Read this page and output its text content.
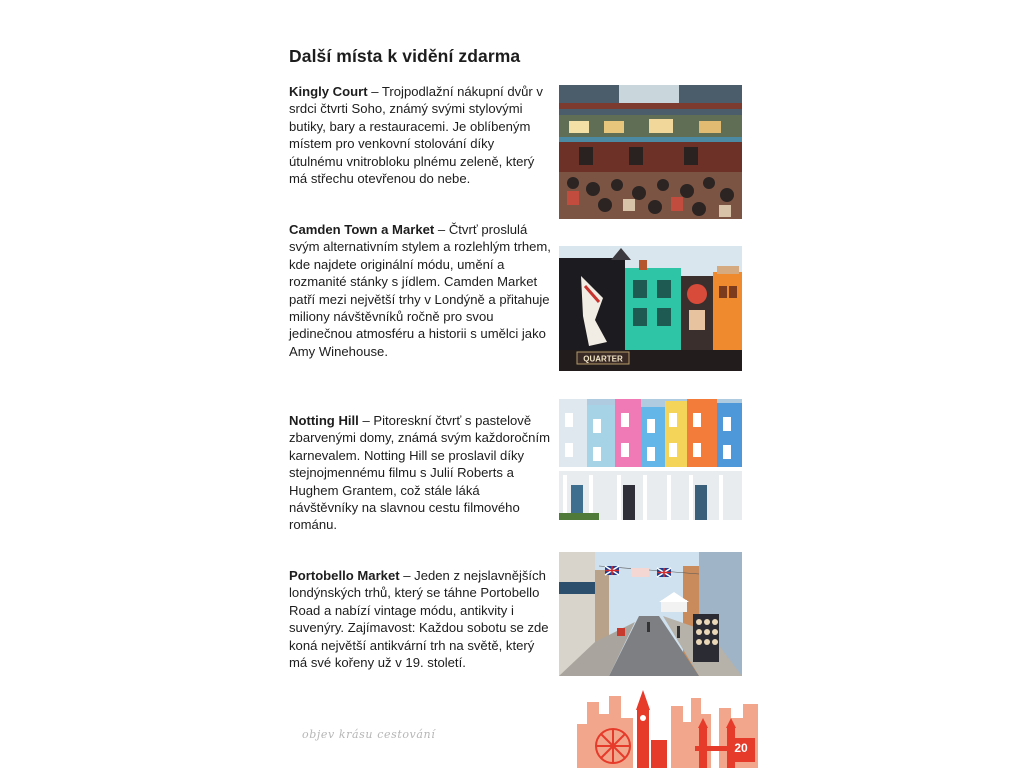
Další místa k vidění zdarma

Kingly Court – Trojpodlažní nákupní dvůr v srdci čtvrti Soho, známý svými stylovými butiky, bary a restauracemi. Je oblíbeným místem pro venkovní stolování díky útulnému vnitrobloku plnému zeleně, který má střechu otevřenou do nebe.

Camden Town a Market – Čtvrť proslulá svým alternativním stylem a rozlehlým trhem, kde najdete originální módu, umění a rozmanité stánky s jídlem. Camden Market patří mezi největší trhy v Londýně a přitahuje miliony návštěvníků ročně pro svou jedinečnou atmosféru a historii s umělci jako Amy Winehouse.

QUARTER

Notting Hill – Pitoreskní čtvrť s pastelově zbarvenými domy, známá svým každoročním karnevalem. Notting Hill se proslavil díky stejnojmennému filmu s Julií Roberts a Hughem Grantem, což stále láká návštěvníky na slavnou cestu filmového románu.

Portobello Market – Jeden z nejslavnějších londýnských trhů, který se táhne Portobello Road a nabízí vintage módu, antikvity i suvenýry. Zajímavost: Každou sobotu se zde koná největší antikvární trh na světě, který má své kořeny už v 19. století.

objev krásu cestování
20
